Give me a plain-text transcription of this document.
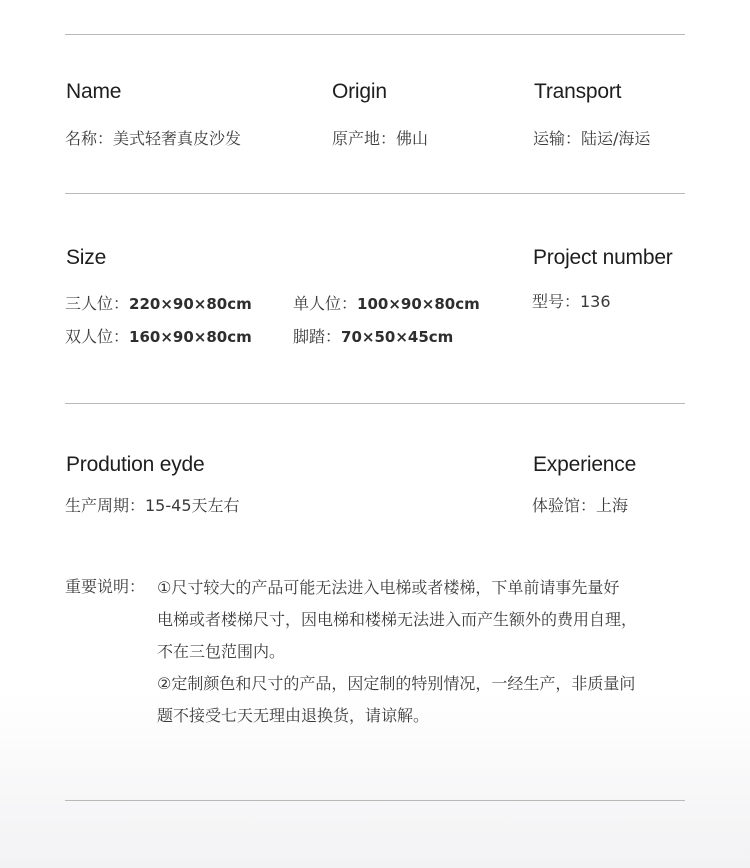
Name
名称：美式轻奢真皮沙发
Origin
原产地：佛山
Transport
运输：陆运/海运
Size
三人位：220×90×80cm
双人位：160×90×80cm
单人位：100×90×80cm
脚踏：70×50×45cm
Project number
型号：136
Prodution eyde
生产周期：15-45天左右
Experience
体验馆：上海
重要说明： ①尺寸较大的产品可能无法进入电梯或者楼梯，下单前请事先量好
电梯或者楼梯尺寸，因电梯和楼梯无法进入而产生额外的费用自理，
不在三包范围内。
②定制颜色和尺寸的产品，因定制的特别情况，一经生产，非质量问
题不接受七天无理由退换货，请谅解。
